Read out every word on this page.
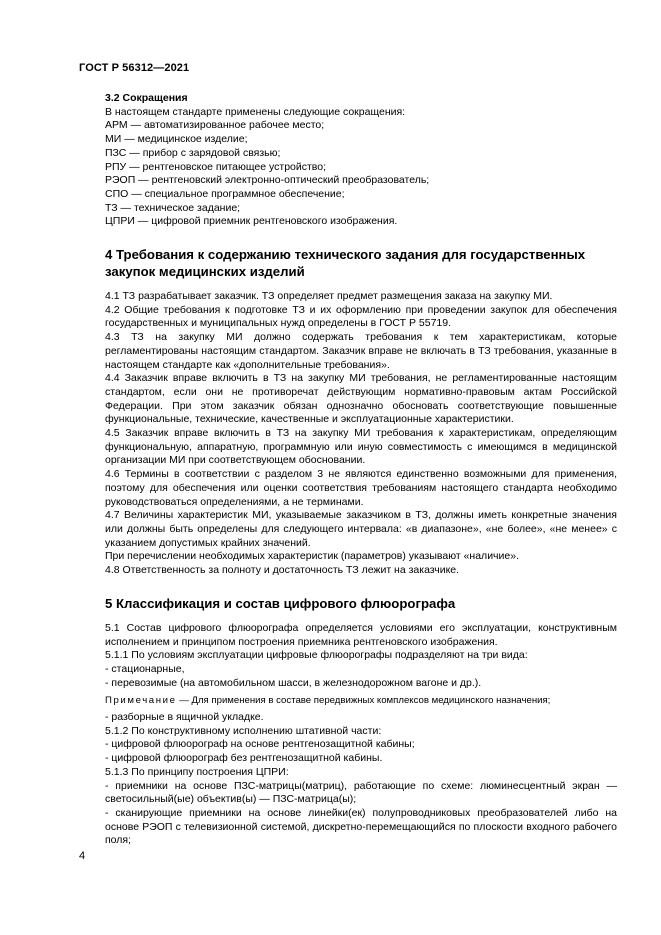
ГОСТ Р 56312—2021

3.2 Сокращения

В настоящем стандарте применены следующие сокращения:

АРМ — автоматизированное рабочее место;
МИ — медицинское изделие;
ПЗС — прибор с зарядовой связью;
РПУ — рентгеновское питающее устройство;
РЭОП — рентгеновский электронно-оптический преобразователь;
СПО — специальное программное обеспечение;
ТЗ — техническое задание;
ЦПРИ — цифровой приемник рентгеновского изображения.
4 Требования к содержанию технического задания для государственных
закупок медицинских изделий

4.1 ТЗ разрабатывает заказчик. ТЗ определяет предмет размещения заказа на закупку МИ.

4.2 Общие требования к подготовке ТЗ и их оформлению при проведении закупок для обеспечения государственных и муниципальных нужд определены в ГОСТ Р 55719.

4.3 ТЗ на закупку МИ должно содержать требования к тем характеристикам, которые регламентированы настоящим стандартом. Заказчик вправе не включать в ТЗ требования, указанные в настоящем стандарте как «дополнительные требования».

4.4 Заказчик вправе включить в ТЗ на закупку МИ требования, не регламентированные настоящим стандартом, если они не противоречат действующим нормативно-правовым актам Российской Федерации. При этом заказчик обязан однозначно обосновать соответствующие повышенные функциональные, технические, качественные и эксплуатационные характеристики.

4.5 Заказчик вправе включить в ТЗ на закупку МИ требования к характеристикам, определяющим функциональную, аппаратную, программную или иную совместимость с имеющимся в медицинской организации МИ при соответствующем обосновании.

4.6 Термины в соответствии с разделом 3 не являются единственно возможными для применения, поэтому для обеспечения или оценки соответствия требованиям настоящего стандарта необходимо руководствоваться определениями, а не терминами.

4.7 Величины характеристик МИ, указываемые заказчиком в ТЗ, должны иметь конкретные значения или должны быть определены для следующего интервала: «в диапазоне», «не более», «не менее» с указанием допустимых крайних значений.

При перечислении необходимых характеристик (параметров) указывают «наличие».

4.8 Ответственность за полноту и достаточность ТЗ лежит на заказчике.

5 Классификация и состав цифрового флюорографа

5.1 Состав цифрового флюорографа определяется условиями его эксплуатации, конструктивным исполнением и принципом построения приемника рентгеновского изображения.

5.1.1 По условиям эксплуатации цифровые флюорографы подразделяют на три вида:

- стационарные,

- перевозимые (на автомобильном шасси, в железнодорожном вагоне и др.).

Примечание — Для применения в составе передвижных комплексов медицинского назначения;

- разборные в ящичной укладке.

5.1.2 По конструктивному исполнению штативной части:

- цифровой флюорограф на основе рентгенозащитной кабины;

- цифровой флюорограф без рентгенозащитной кабины.

5.1.3 По принципу построения ЦПРИ:

- приемники на основе ПЗС-матрицы(матриц), работающие по схеме: люминесцентный экран — светосильный(ые) объектив(ы) — ПЗС-матрица(ы);

- сканирующие приемники на основе линейки(ек) полупроводниковых преобразователей либо на основе РЭОП с телевизионной системой, дискретно-перемещающийся по плоскости входного рабочего поля;

4
